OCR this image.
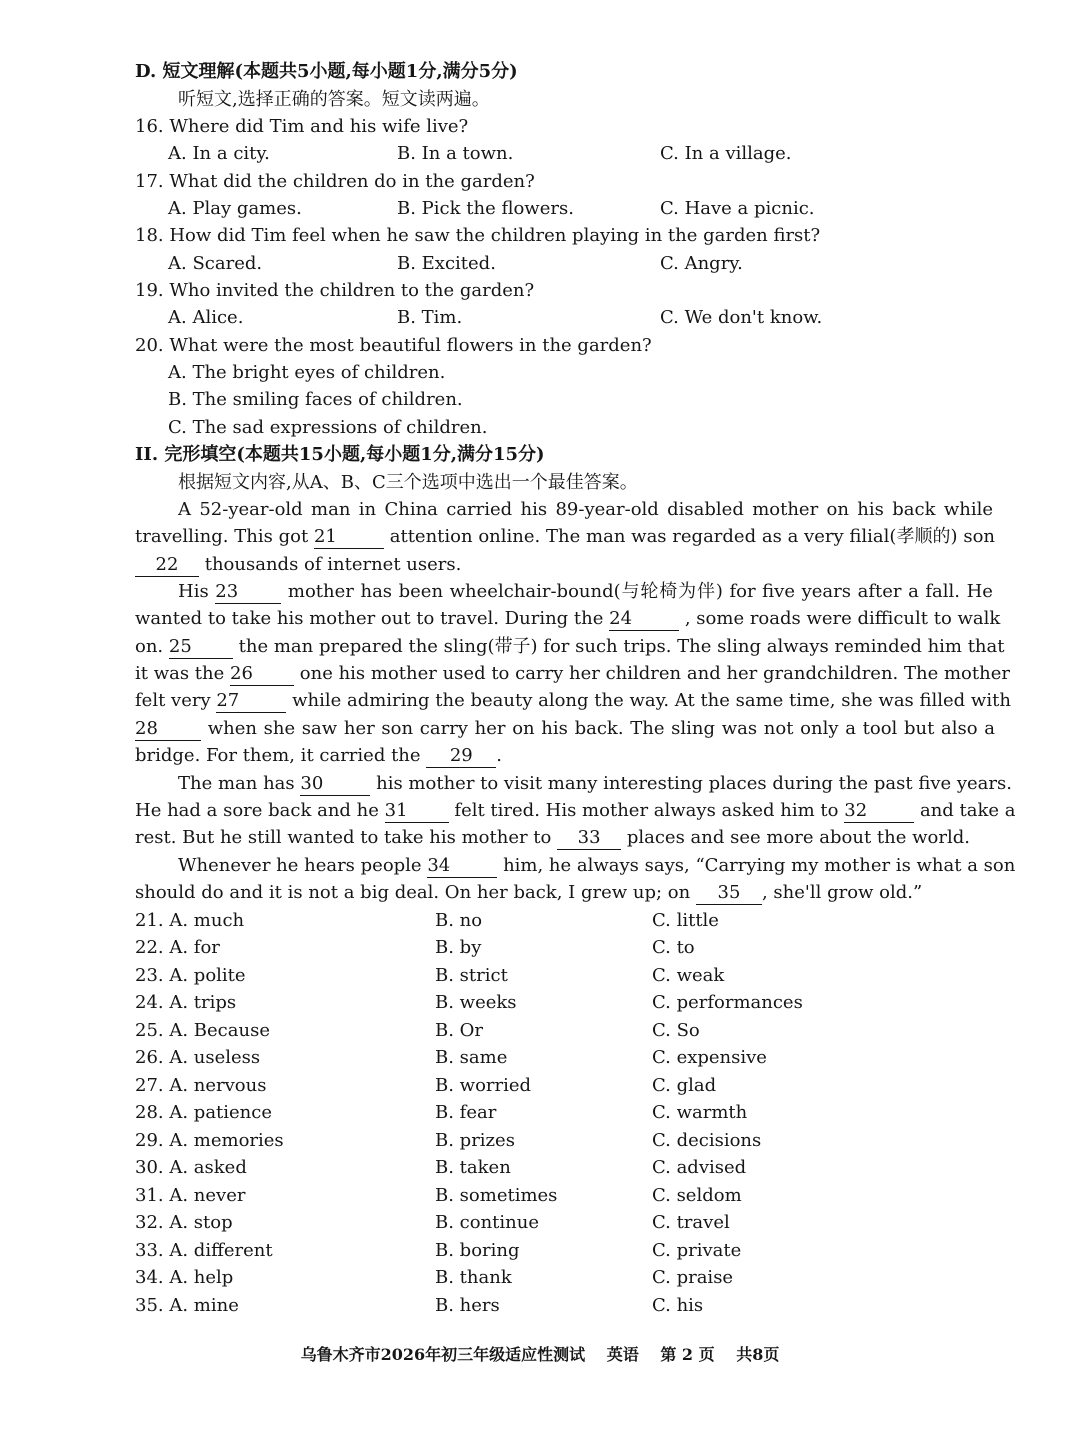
D. 短文理解(本题共5小题,每小题1分,满分5分)
听短文,选择正确的答案。短文读两遍。
16. Where did Tim and his wife live?
A. In a city.	B. In a town.	C. In a village.
17. What did the children do in the garden?
A. Play games.	B. Pick the flowers.	C. Have a picnic.
18. How did Tim feel when he saw the children playing in the garden first?
A. Scared.	B. Excited.	C. Angry.
19. Who invited the children to the garden?
A. Alice.	B. Tim.	C. We don't know.
20. What were the most beautiful flowers in the garden?
A. The bright eyes of children.
B. The smiling faces of children.
C. The sad expressions of children.
II. 完形填空(本题共15小题,每小题1分,满分15分)
根据短文内容,从A、B、C三个选项中选出一个最佳答案。
A 52-year-old man in China carried his 89-year-old disabled mother on his back while
travelling. This got 21	attention online. The man was regarded as a very filial(孝顺的) son
22 thousands of internet users.
His 23	mother has been wheelchair-bound(与轮椅为伴) for five years after a fall. He
wanted to take his mother out to travel. During the 24	, some roads were difficult to walk
on. 25	the man prepared the sling(带子) for such trips. The sling always reminded him that
it was the 26	one his mother used to carry her children and her grandchildren. The mother
felt very 27	while admiring the beauty along the way. At the same time, she was filled with
28	when she saw her son carry her on his back. The sling was not only a tool but also a
bridge. For them, it carried the 29 .
The man has 30	his mother to visit many interesting places during the past five years.
He had a sore back and he 31	felt tired. His mother always asked him to 32	and take a
rest. But he still wanted to take his mother to 33 places and see more about the world.
Whenever he hears people 34	him, he always says, “Carrying my mother is what a son
should do and it is not a big deal. On her back, I grew up; on 35 , she'll grow old.”
21. A. much	B. no	C. little
22. A. for	B. by	C. to
23. A. polite	B. strict	C. weak
24. A. trips	B. weeks	C. performances
25. A. Because	B. Or	C. So
26. A. useless	B. same	C. expensive
27. A. nervous	B. worried	C. glad
28. A. patience	B. fear	C. warmth
29. A. memories	B. prizes	C. decisions
30. A. asked	B. taken	C. advised
31. A. never	B. sometimes	C. seldom
32. A. stop	B. continue	C. travel
33. A. different	B. boring	C. private
34. A. help	B. thank	C. praise
35. A. mine	B. hers	C. his
乌鲁木齐市2026年初三年级适应性测试 英语 第 2 页 共8页
